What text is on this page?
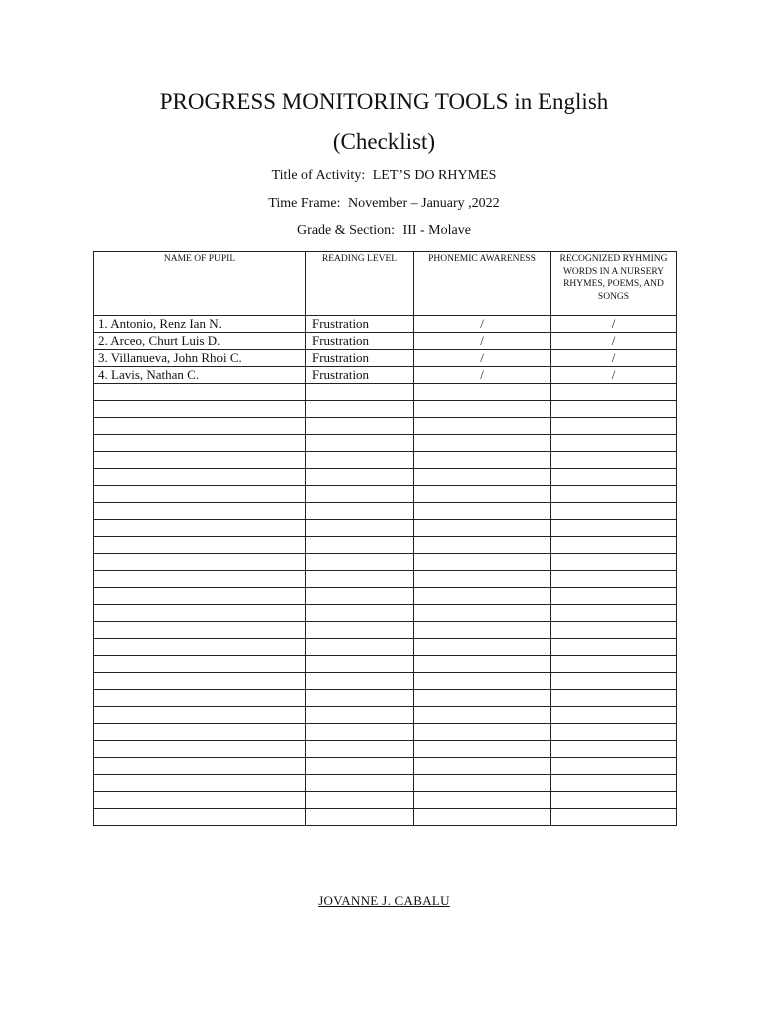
PROGRESS MONITORING TOOLS in English
(Checklist)
Title of Activity: LET’S DO RHYMES
Time Frame: November – January ,2022
Grade & Section: III - Molave
NAME OF PUPIL	READING LEVEL	PHONEMIC AWARENESS	RECOGNIZED RYHMING WORDS IN A NURSERY RHYMES, POEMS, AND SONGS
1. Antonio, Renz Ian N.	Frustration	/	/
2. Arceo, Churt Luis D.	Frustration	/	/
3. Villanueva, John Rhoi C.	Frustration	/	/
4. Lavis, Nathan C.	Frustration	/	/

JOVANNE J. CABALU
